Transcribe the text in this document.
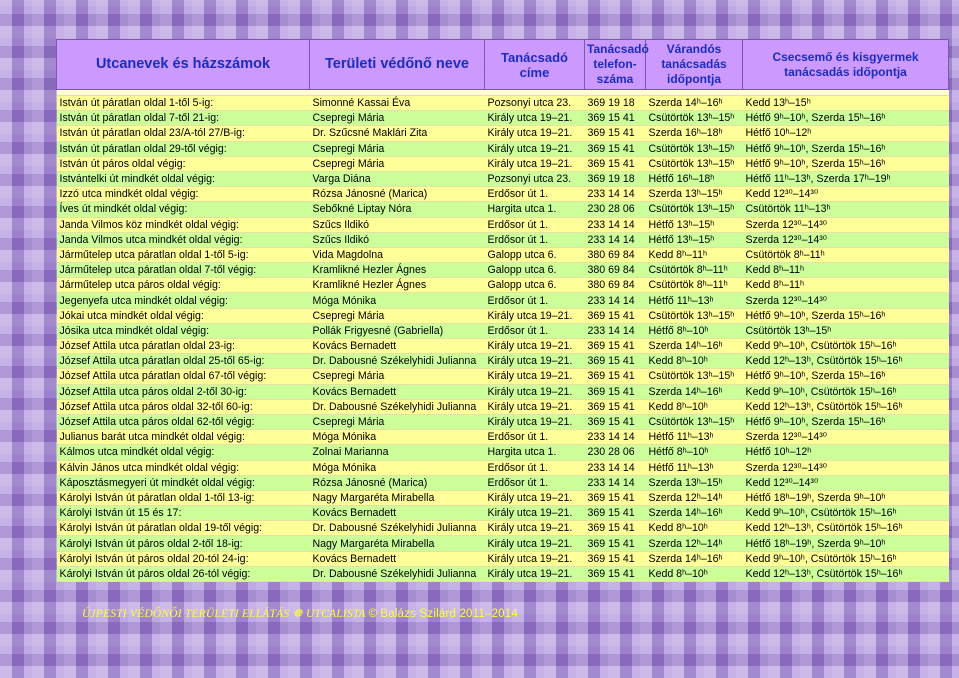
Utcanevek és házszámok	Területi védőnő neve	Tanácsadó címe	Tanácsadó telefon-száma	Várandós tanácsadás időpontja	Csecsemő és kisgyermek tanácsadás időpontja

István út páratlan oldal 1-től 5-ig:	Simonné Kassai Éva	Pozsonyi utca 23.	369 19 18	Szerda 14ʰ–16ʰ	Kedd 13ʰ–15ʰ
István út páratlan oldal 7-től 21-ig:	Csepregi Mária	Király utca 19–21.	369 15 41	Csütörtök 13ʰ–15ʰ	Hétfő 9ʰ–10ʰ, Szerda 15ʰ–16ʰ
István út páratlan oldal 23/A-tól 27/B-ig:	Dr. Szűcsné Maklári Zita	Király utca 19–21.	369 15 41	Szerda 16ʰ–18ʰ	Hétfő 10ʰ–12ʰ
István út páratlan oldal 29-től végig:	Csepregi Mária	Király utca 19–21.	369 15 41	Csütörtök 13ʰ–15ʰ	Hétfő 9ʰ–10ʰ, Szerda 15ʰ–16ʰ
István út páros oldal végig:	Csepregi Mária	Király utca 19–21.	369 15 41	Csütörtök 13ʰ–15ʰ	Hétfő 9ʰ–10ʰ, Szerda 15ʰ–16ʰ
Istvántelki út mindkét oldal végig:	Varga Diána	Pozsonyi utca 23.	369 19 18	Hétfő 16ʰ–18ʰ	Hétfő 11ʰ–13ʰ, Szerda 17ʰ–19ʰ
Izzó utca mindkét oldal végig:	Rózsa Jánosné (Marica)	Erdősor út 1.	233 14 14	Szerda 13ʰ–15ʰ	Kedd 12³⁰–14³⁰
Íves út mindkét oldal végig:	Sebőkné Liptay Nóra	Hargita utca 1.	230 28 06	Csütörtök 13ʰ–15ʰ	Csütörtök 11ʰ–13ʰ
Janda Vilmos köz mindkét oldal végig:	Szűcs Ildikó	Erdősor út 1.	233 14 14	Hétfő 13ʰ–15ʰ	Szerda 12³⁰–14³⁰
Janda Vilmos utca mindkét oldal végig:	Szűcs Ildikó	Erdősor út 1.	233 14 14	Hétfő 13ʰ–15ʰ	Szerda 12³⁰–14³⁰
Járműtelep utca páratlan oldal 1-től 5-ig:	Vida Magdolna	Galopp utca 6.	380 69 84	Kedd 8ʰ–11ʰ	Csütörtök 8ʰ–11ʰ
Járműtelep utca páratlan oldal 7-től végig:	Kramlikné Hezler Ágnes	Galopp utca 6.	380 69 84	Csütörtök 8ʰ–11ʰ	Kedd 8ʰ–11ʰ
Járműtelep utca páros oldal végig:	Kramlikné Hezler Ágnes	Galopp utca 6.	380 69 84	Csütörtök 8ʰ–11ʰ	Kedd 8ʰ–11ʰ
Jegenyefa utca mindkét oldal végig:	Móga Mónika	Erdősor út 1.	233 14 14	Hétfő 11ʰ–13ʰ	Szerda 12³⁰–14³⁰
Jókai utca mindkét oldal végig:	Csepregi Mária	Király utca 19–21.	369 15 41	Csütörtök 13ʰ–15ʰ	Hétfő 9ʰ–10ʰ, Szerda 15ʰ–16ʰ
Jósika utca mindkét oldal végig:	Pollák Frigyesné (Gabriella)	Erdősor út 1.	233 14 14	Hétfő 8ʰ–10ʰ	Csütörtök 13ʰ–15ʰ
József Attila utca páratlan oldal 23-ig:	Kovács Bernadett	Király utca 19–21.	369 15 41	Szerda 14ʰ–16ʰ	Kedd 9ʰ–10ʰ, Csütörtök 15ʰ–16ʰ
József Attila utca páratlan oldal 25-től 65-ig:	Dr. Dabousné Székelyhidi Julianna	Király utca 19–21.	369 15 41	Kedd 8ʰ–10ʰ	Kedd 12ʰ–13ʰ, Csütörtök 15ʰ–16ʰ
József Attila utca páratlan oldal 67-től végig:	Csepregi Mária	Király utca 19–21.	369 15 41	Csütörtök 13ʰ–15ʰ	Hétfő 9ʰ–10ʰ, Szerda 15ʰ–16ʰ
József Attila utca páros oldal 2-től 30-ig:	Kovács Bernadett	Király utca 19–21.	369 15 41	Szerda 14ʰ–16ʰ	Kedd 9ʰ–10ʰ, Csütörtök 15ʰ–16ʰ
József Attila utca páros oldal 32-től 60-ig:	Dr. Dabousné Székelyhidi Julianna	Király utca 19–21.	369 15 41	Kedd 8ʰ–10ʰ	Kedd 12ʰ–13ʰ, Csütörtök 15ʰ–16ʰ
József Attila utca páros oldal 62-től végig:	Csepregi Mária	Király utca 19–21.	369 15 41	Csütörtök 13ʰ–15ʰ	Hétfő 9ʰ–10ʰ, Szerda 15ʰ–16ʰ
Julianus barát utca mindkét oldal végig:	Móga Mónika	Erdősor út 1.	233 14 14	Hétfő 11ʰ–13ʰ	Szerda 12³⁰–14³⁰
Kálmos utca mindkét oldal végig:	Zolnai Marianna	Hargita utca 1.	230 28 06	Hétfő 8ʰ–10ʰ	Hétfő 10ʰ–12ʰ
Kálvin János utca mindkét oldal végig:	Móga Mónika	Erdősor út 1.	233 14 14	Hétfő 11ʰ–13ʰ	Szerda 12³⁰–14³⁰
Káposztásmegyeri út mindkét oldal végig:	Rózsa Jánosné (Marica)	Erdősor út 1.	233 14 14	Szerda 13ʰ–15ʰ	Kedd 12³⁰–14³⁰
Károlyi István út páratlan oldal 1-től 13-ig:	Nagy Margaréta Mirabella	Király utca 19–21.	369 15 41	Szerda 12ʰ–14ʰ	Hétfő 18ʰ–19ʰ, Szerda 9ʰ–10ʰ
Károlyi István út 15 és 17:	Kovács Bernadett	Király utca 19–21.	369 15 41	Szerda 14ʰ–16ʰ	Kedd 9ʰ–10ʰ, Csütörtök 15ʰ–16ʰ
Károlyi István út páratlan oldal 19-től végig:	Dr. Dabousné Székelyhidi Julianna	Király utca 19–21.	369 15 41	Kedd 8ʰ–10ʰ	Kedd 12ʰ–13ʰ, Csütörtök 15ʰ–16ʰ
Károlyi István út páros oldal 2-től 18-ig:	Nagy Margaréta Mirabella	Király utca 19–21.	369 15 41	Szerda 12ʰ–14ʰ	Hétfő 18ʰ–19ʰ, Szerda 9ʰ–10ʰ
Károlyi István út páros oldal 20-tól 24-ig:	Kovács Bernadett	Király utca 19–21.	369 15 41	Szerda 14ʰ–16ʰ	Kedd 9ʰ–10ʰ, Csütörtök 15ʰ–16ʰ
Károlyi István út páros oldal 26-tól végig:	Dr. Dabousné Székelyhidi Julianna	Király utca 19–21.	369 15 41	Kedd 8ʰ–10ʰ	Kedd 12ʰ–13ʰ, Csütörtök 15ʰ–16ʰ
ÚJPESTI VÉDŐNŐI TERÜLETI ELLÁTÁS ☸ UTCALISTA © Balázs Szilárd 2011–2014
